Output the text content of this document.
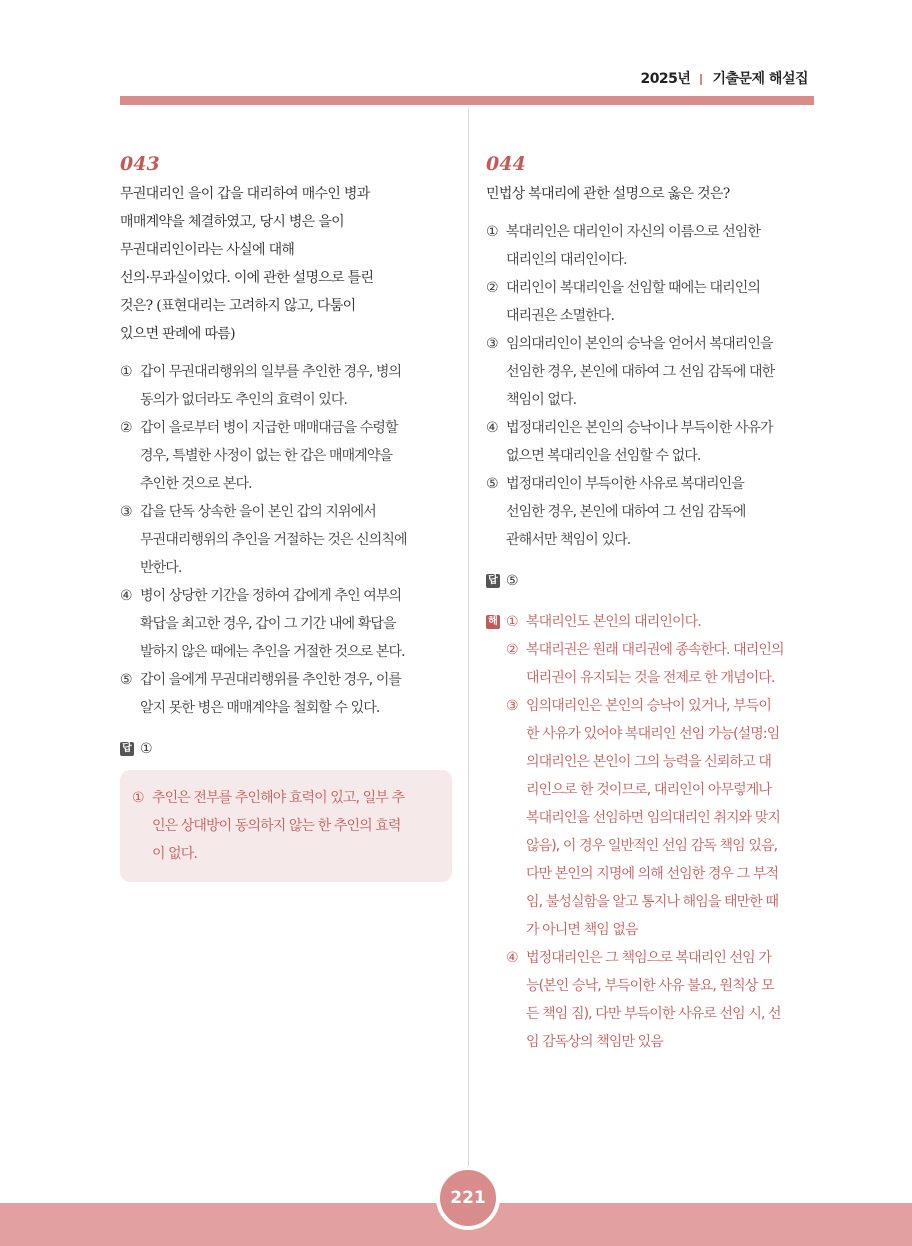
2025년 기출문제 해설집
043
무권대리인 을이 갑을 대리하여 매수인 병과
매매계약을 체결하였고, 당시 병은 을이
무권대리인이라는 사실에 대해
선의·무과실이었다. 이에 관한 설명으로 틀린
것은? (표현대리는 고려하지 않고, 다툼이
있으면 판례에 따름)
① 갑이 무권대리행위의 일부를 추인한 경우, 병의
동의가 없더라도 추인의 효력이 있다.
② 갑이 을로부터 병이 지급한 매매대금을 수령할
경우, 특별한 사정이 없는 한 갑은 매매계약을
추인한 것으로 본다.
③ 갑을 단독 상속한 을이 본인 갑의 지위에서
무권대리행위의 추인을 거절하는 것은 신의칙에
반한다.
④ 병이 상당한 기간을 정하여 갑에게 추인 여부의
확답을 최고한 경우, 갑이 그 기간 내에 확답을
발하지 않은 때에는 추인을 거절한 것으로 본다.
⑤ 갑이 을에게 무권대리행위를 추인한 경우, 이를
알지 못한 병은 매매계약을 철회할 수 있다.
답 ①
① 추인은 전부를 추인해야 효력이 있고, 일부 추
인은 상대방이 동의하지 않는 한 추인의 효력
이 없다.
044
민법상 복대리에 관한 설명으로 옳은 것은?
① 복대리인은 대리인이 자신의 이름으로 선임한
대리인의 대리인이다.
② 대리인이 복대리인을 선임할 때에는 대리인의
대리권은 소멸한다.
③ 임의대리인이 본인의 승낙을 얻어서 복대리인을
선임한 경우, 본인에 대하여 그 선임 감독에 대한
책임이 없다.
④ 법정대리인은 본인의 승낙이나 부득이한 사유가
없으면 복대리인을 선임할 수 없다.
⑤ 법정대리인이 부득이한 사유로 복대리인을
선임한 경우, 본인에 대하여 그 선임 감독에
관해서만 책임이 있다.
답 ⑤
해 ① 복대리인도 본인의 대리인이다.
② 복대리권은 원래 대리권에 종속한다. 대리인의
대리권이 유지되는 것을 전제로 한 개념이다.
③ 임의대리인은 본인의 승낙이 있거나, 부득이
한 사유가 있어야 복대리인 선임 가능(설명:임
의대리인은 본인이 그의 능력을 신뢰하고 대
리인으로 한 것이므로, 대리인이 아무렇게나
복대리인을 선임하면 임의대리인 취지와 맞지
않음), 이 경우 일반적인 선임 감독 책임 있음,
다만 본인의 지명에 의해 선임한 경우 그 부적
임, 불성실함을 알고 통지나 해임을 태만한 때
가 아니면 책임 없음
④ 법정대리인은 그 책임으로 복대리인 선임 가
능(본인 승낙, 부득이한 사유 불요, 원칙상 모
든 책임 짐), 다만 부득이한 사유로 선임 시, 선
임 감독상의 책임만 있음
221
